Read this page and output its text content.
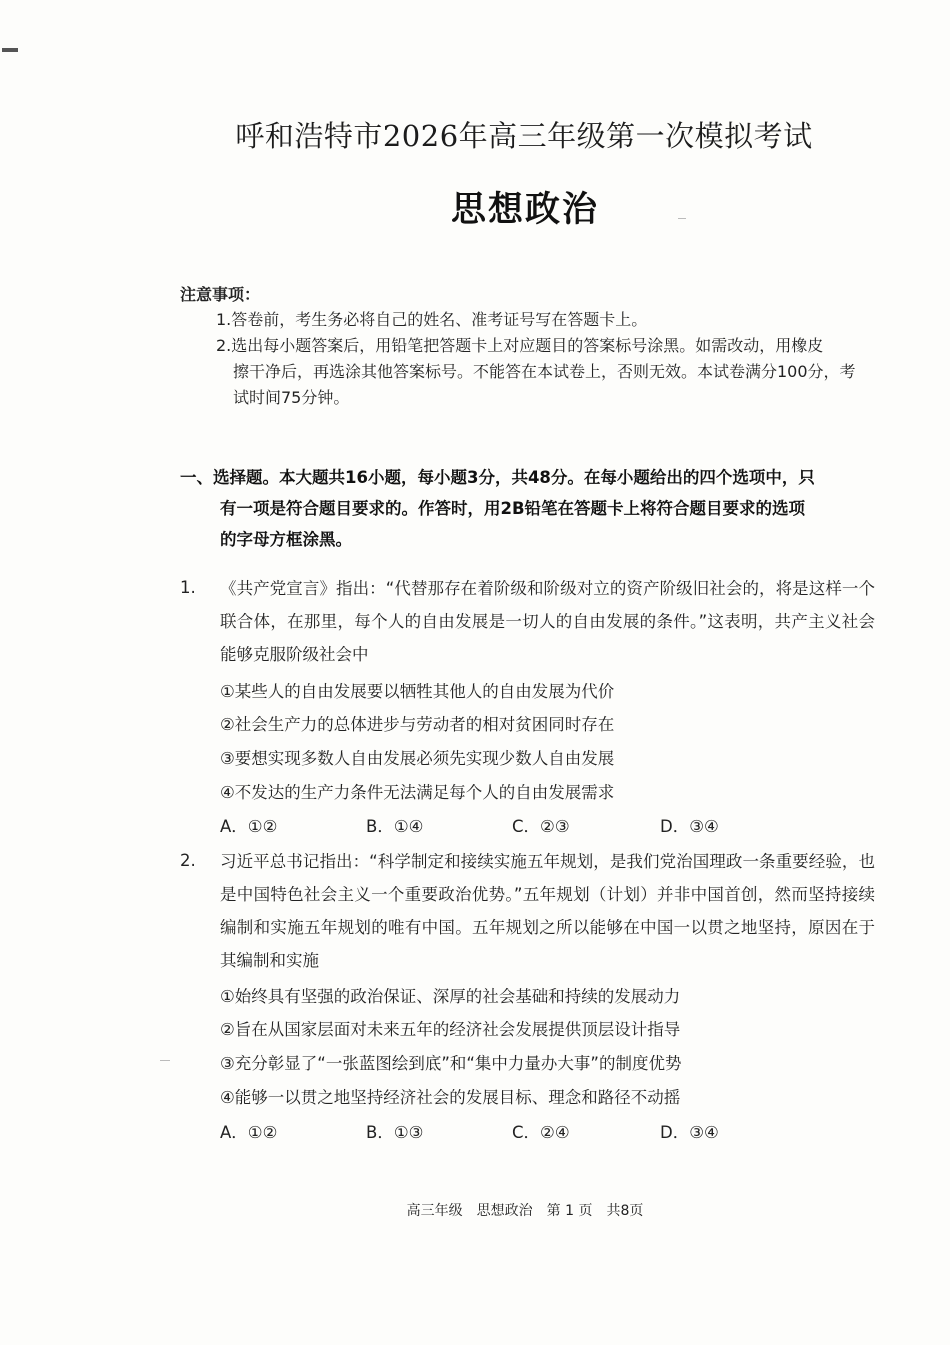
呼和浩特市2026年高三年级第一次模拟考试
思想政治
注意事项：
1.答卷前，考生务必将自己的姓名、准考证号写在答题卡上。
2.选出每小题答案后，用铅笔把答题卡上对应题目的答案标号涂黑。如需改动，用橡皮
擦干净后，再选涂其他答案标号。不能答在本试卷上，否则无效。本试卷满分100分，考
试时间75分钟。
一、选择题。本大题共16小题，每小题3分，共48分。在每小题给出的四个选项中，只
有一项是符合题目要求的。作答时，用2B铅笔在答题卡上将符合题目要求的选项
的字母方框涂黑。
1. 《共产党宣言》指出：“代替那存在着阶级和阶级对立的资产阶级旧社会的，将是这样一个联合体，在那里，每个人的自由发展是一切人的自由发展的条件。”这表明，共产主义社会能够克服阶级社会中
①某些人的自由发展要以牺牲其他人的自由发展为代价
②社会生产力的总体进步与劳动者的相对贫困同时存在
③要想实现多数人自由发展必须先实现少数人自由发展
④不发达的生产力条件无法满足每个人的自由发展需求
A．①②	B．①④	C．②③	D．③④
2. 习近平总书记指出：“科学制定和接续实施五年规划，是我们党治国理政一条重要经验，也是中国特色社会主义一个重要政治优势。”五年规划（计划）并非中国首创，然而坚持接续编制和实施五年规划的唯有中国。五年规划之所以能够在中国一以贯之地坚持，原因在于其编制和实施
①始终具有坚强的政治保证、深厚的社会基础和持续的发展动力
②旨在从国家层面对未来五年的经济社会发展提供顶层设计指导
③充分彰显了“一张蓝图绘到底”和“集中力量办大事”的制度优势
④能够一以贯之地坚持经济社会的发展目标、理念和路径不动摇
A．①②	B．①③	C．②④	D．③④
高三年级　思想政治　第 1 页　共8页
